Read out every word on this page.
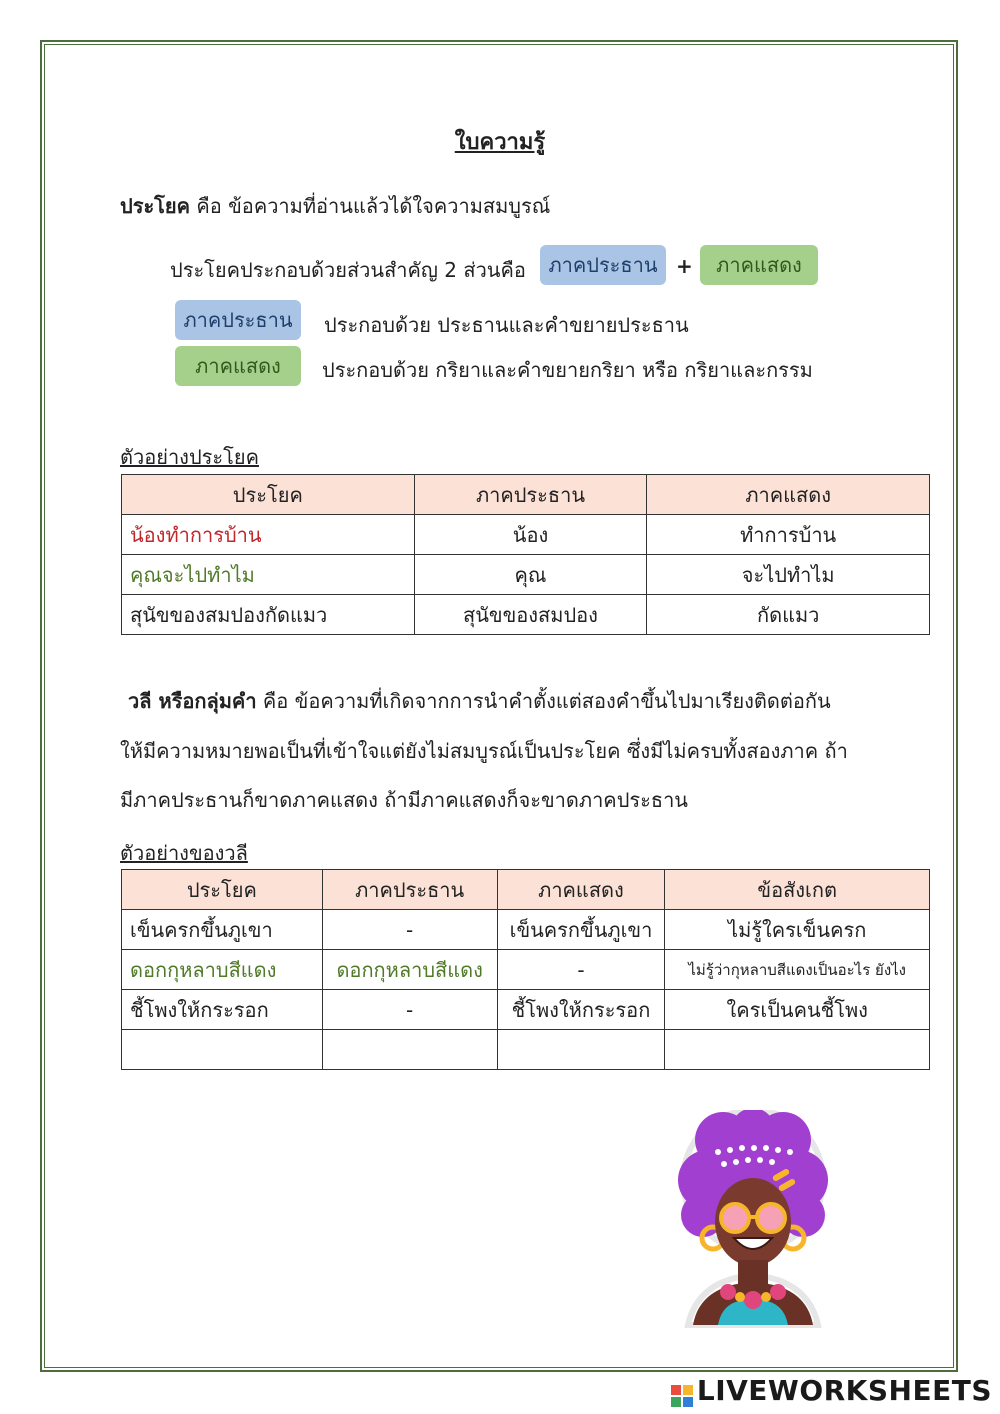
ใบความรู้
ประโยค คือ ข้อความที่อ่านแล้วได้ใจความสมบูรณ์
ประโยคประกอบด้วยส่วนสำคัญ 2 ส่วนคือ	ภาคประธาน +	ภาคแสดง
ภาคประธาน	ประกอบด้วย ประธานและคำขยายประธาน
ภาคแสดง	ประกอบด้วย กริยาและคำขยายกริยา หรือ กริยาและกรรม
ตัวอย่างประโยค
ประโยค	ภาคประธาน	ภาคแสดง
น้องทำการบ้าน	น้อง	ทำการบ้าน
คุณจะไปทำไม	คุณ	จะไปทำไม
สุนัขของสมปองกัดแมว	สุนัขของสมปอง	กัดแมว
วลี หรือกลุ่มคำ คือ ข้อความที่เกิดจากการนำคำตั้งแต่สองคำขึ้นไปมาเรียงติดต่อกัน
ให้มีความหมายพอเป็นที่เข้าใจแต่ยังไม่สมบูรณ์เป็นประโยค ซึ่งมีไม่ครบทั้งสองภาค ถ้า
มีภาคประธานก็ขาดภาคแสดง ถ้ามีภาคแสดงก็จะขาดภาคประธาน
ตัวอย่างของวลี
ประโยค	ภาคประธาน	ภาคแสดง	ข้อสังเกต
เข็นครกขึ้นภูเขา	-	เข็นครกขึ้นภูเขา	ไม่รู้ใครเข็นครก
ดอกกุหลาบสีแดง	ดอกกุหลาบสีแดง	-	ไม่รู้ว่ากุหลาบสีแดงเป็นอะไร ยังไง
ชี้โพงให้กระรอก	-	ชี้โพงให้กระรอก	ใครเป็นคนชี้โพง

LIVEWORKSHEETS
